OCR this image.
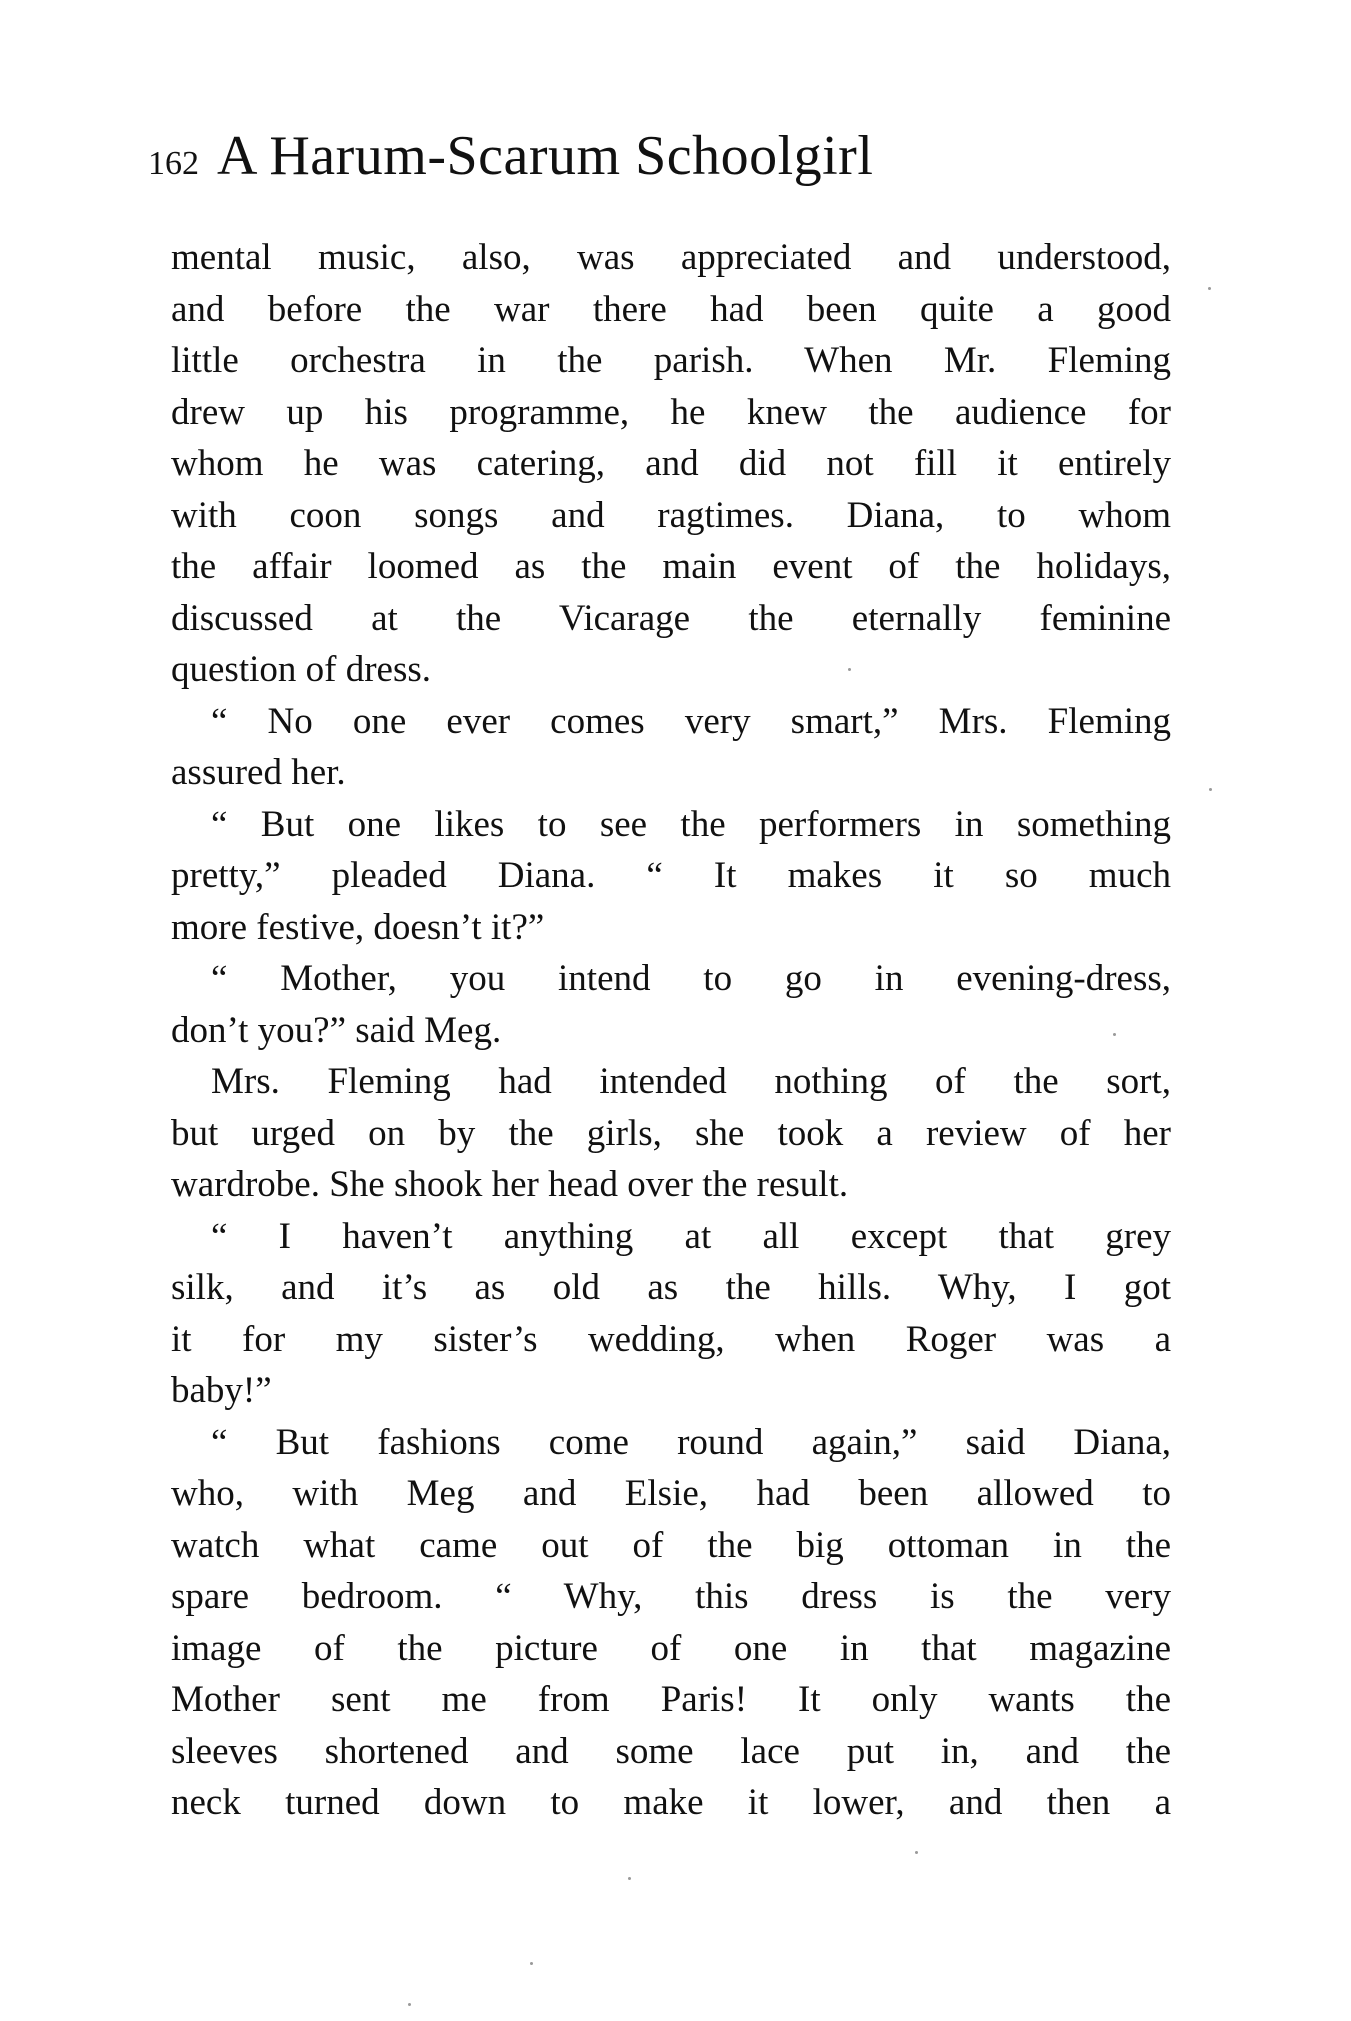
162 A Harum-Scarum Schoolgirl
mental music, also, was appreciated and understood,
and before the war there had been quite a good
little orchestra in the parish. When Mr. Fleming
drew up his programme, he knew the audience for
whom he was catering, and did not fill it entirely
with coon songs and ragtimes. Diana, to whom
the affair loomed as the main event of the holidays,
discussed at the Vicarage the eternally feminine
question of dress.
“ No one ever comes very smart,” Mrs. Fleming
assured her.
“ But one likes to see the performers in something
pretty,” pleaded Diana. “ It makes it so much
more festive, doesn’t it?”
“ Mother, you intend to go in evening-dress,
don’t you?” said Meg.
Mrs. Fleming had intended nothing of the sort,
but urged on by the girls, she took a review of her
wardrobe. She shook her head over the result.
“ I haven’t anything at all except that grey
silk, and it’s as old as the hills. Why, I got
it for my sister’s wedding, when Roger was a
baby!”
“ But fashions come round again,” said Diana,
who, with Meg and Elsie, had been allowed to
watch what came out of the big ottoman in the
spare bedroom. “ Why, this dress is the very
image of the picture of one in that magazine
Mother sent me from Paris! It only wants the
sleeves shortened and some lace put in, and the
neck turned down to make it lower, and then a
